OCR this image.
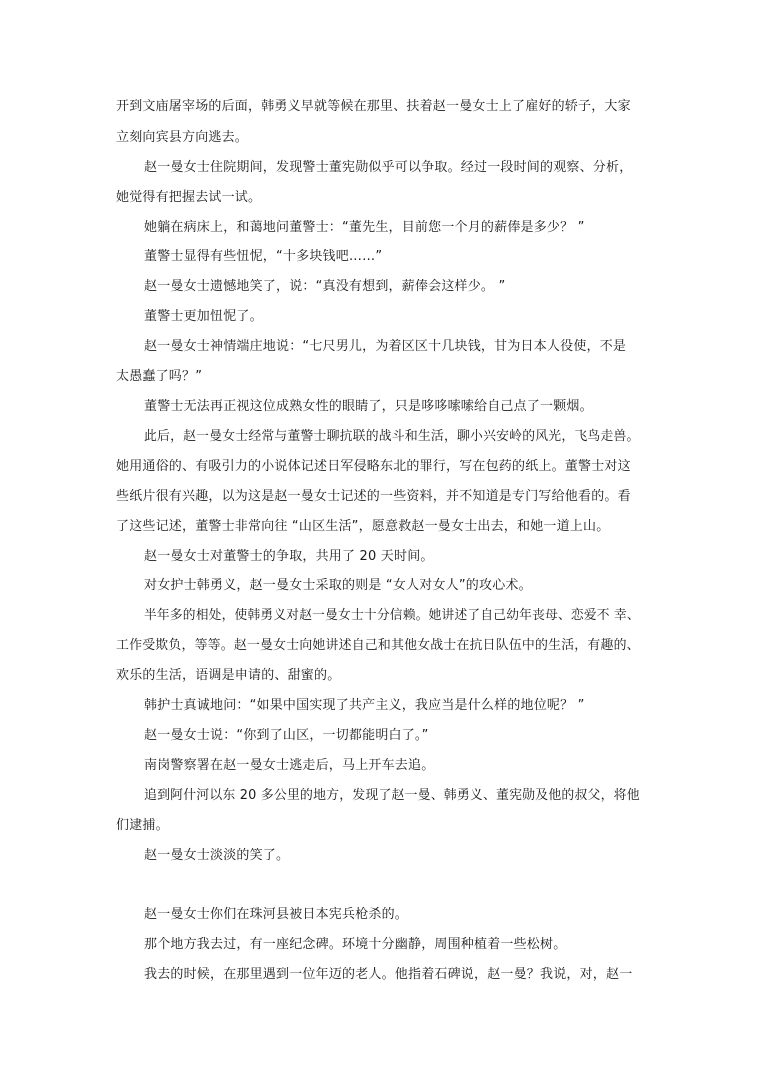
开到文庙屠宰场的后面，韩勇义早就等候在那里、扶着赵一曼女士上了雇好的轿子，大家
立刻向宾县方向逃去。
赵一曼女士住院期间，发现警士董宪勋似乎可以争取。经过一段时间的观察、分析，
她觉得有把握去试一试。
她躺在病床上，和蔼地问董警士：“董先生，目前您一个月的薪俸是多少？ ”
董警士显得有些忸怩，“十多块钱吧……”
赵一曼女士遗憾地笑了，说：“真没有想到，薪俸会这样少。 ”
董警士更加忸怩了。
赵一曼女士神情端庄地说：“七尺男儿，为着区区十几块钱，甘为日本人役使，不是
太愚蠢了吗？”
董警士无法再正视这位成熟女性的眼睛了，只是哆哆嗦嗦给自己点了一颗烟。
此后，赵一曼女士经常与董警士聊抗联的战斗和生活，聊小兴安岭的风光，飞鸟走兽。
她用通俗的、有吸引力的小说体记述日军侵略东北的罪行，写在包药的纸上。董警士对这
些纸片很有兴趣，以为这是赵一曼女士记述的一些资料，并不知道是专门写给他看的。看
了这些记述，董警士非常向往 “山区生活”，愿意救赵一曼女士出去，和她一道上山。
赵一曼女士对董警士的争取，共用了 20 天时间。
对女护士韩勇义，赵一曼女士采取的则是 “女人对女人”的攻心术。
半年多的相处，使韩勇义对赵一曼女士十分信赖。她讲述了自己幼年丧母、恋爱不 幸、
工作受欺负，等等。赵一曼女士向她讲述自己和其他女战士在抗日队伍中的生活，有趣的、
欢乐的生活，语调是申请的、甜蜜的。
韩护士真诚地问：“如果中国实现了共产主义，我应当是什么样的地位呢？ ”
赵一曼女士说：“你到了山区，一切都能明白了。”
南岗警察署在赵一曼女士逃走后，马上开车去追。
追到阿什河以东 20 多公里的地方，发现了赵一曼、韩勇义、董宪勋及他的叔父，将他
们逮捕。
赵一曼女士淡淡的笑了。
赵一曼女士你们在珠河县被日本宪兵枪杀的。
那个地方我去过，有一座纪念碑。环境十分幽静，周围种植着一些松树。
我去的时候，在那里遇到一位年迈的老人。他指着石碑说，赵一曼？我说，对，赵一
